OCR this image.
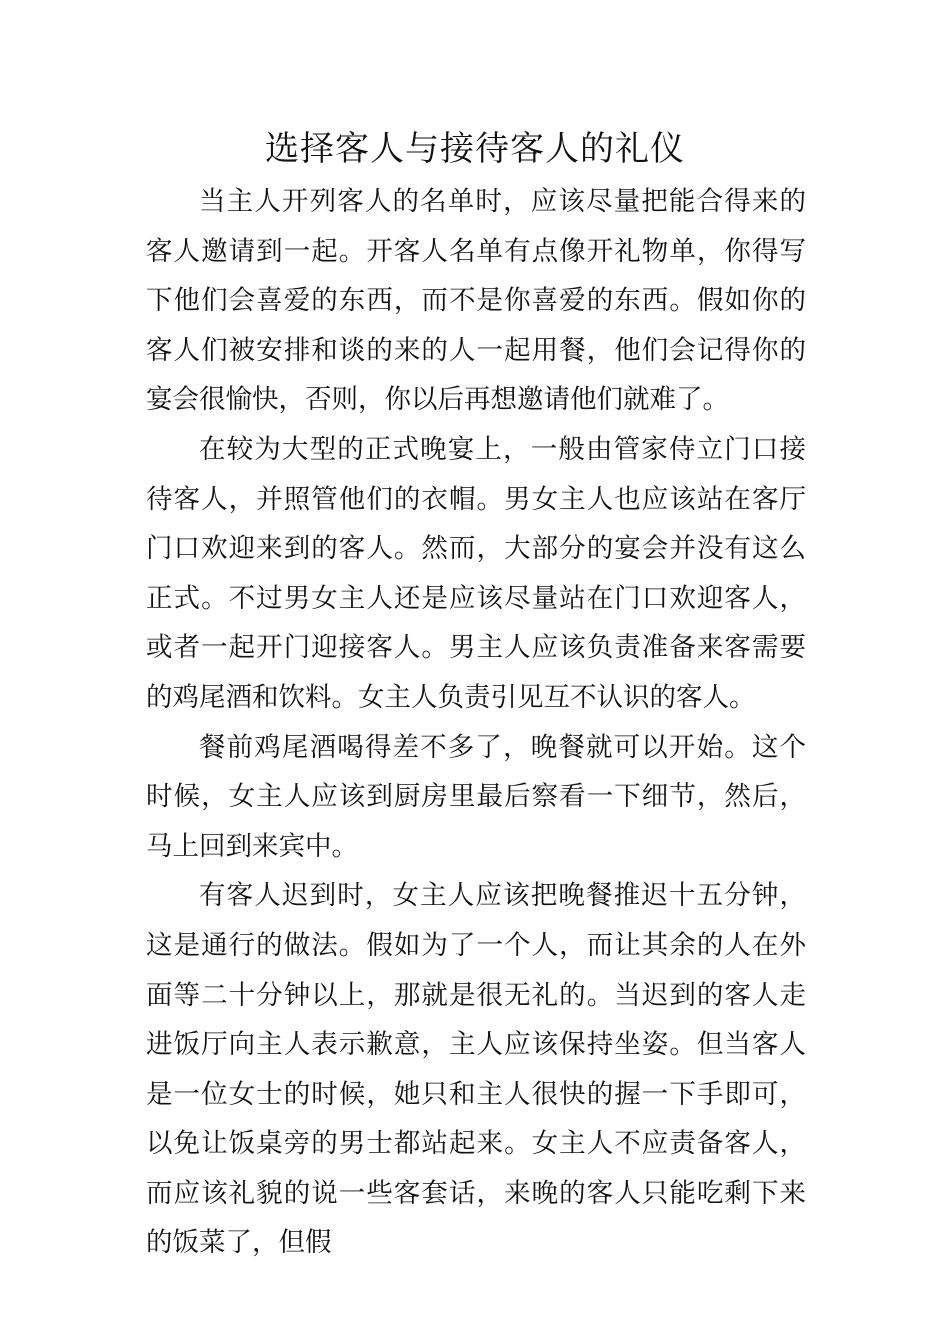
选择客人与接待客人的礼仪

当主人开列客人的名单时，应该尽量把能合得来的客人邀请到一起。开客人名单有点像开礼物单，你得写下他们会喜爱的东西，而不是你喜爱的东西。假如你的客人们被安排和谈的来的人一起用餐，他们会记得你的宴会很愉快，否则，你以后再想邀请他们就难了。

在较为大型的正式晚宴上，一般由管家侍立门口接待客人，并照管他们的衣帽。男女主人也应该站在客厅门口欢迎来到的客人。然而，大部分的宴会并没有这么正式。不过男女主人还是应该尽量站在门口欢迎客人，或者一起开门迎接客人。男主人应该负责准备来客需要的鸡尾酒和饮料。女主人负责引见互不认识的客人。

餐前鸡尾酒喝得差不多了，晚餐就可以开始。这个时候，女主人应该到厨房里最后察看一下细节，然后，马上回到来宾中。

有客人迟到时，女主人应该把晚餐推迟十五分钟，这是通行的做法。假如为了一个人，而让其余的人在外面等二十分钟以上，那就是很无礼的。当迟到的客人走进饭厅向主人表示歉意，主人应该保持坐姿。但当客人是一位女士的时候，她只和主人很快的握一下手即可，以免让饭桌旁的男士都站起来。女主人不应责备客人，而应该礼貌的说一些客套话，来晚的客人只能吃剩下来的饭菜了，但假
